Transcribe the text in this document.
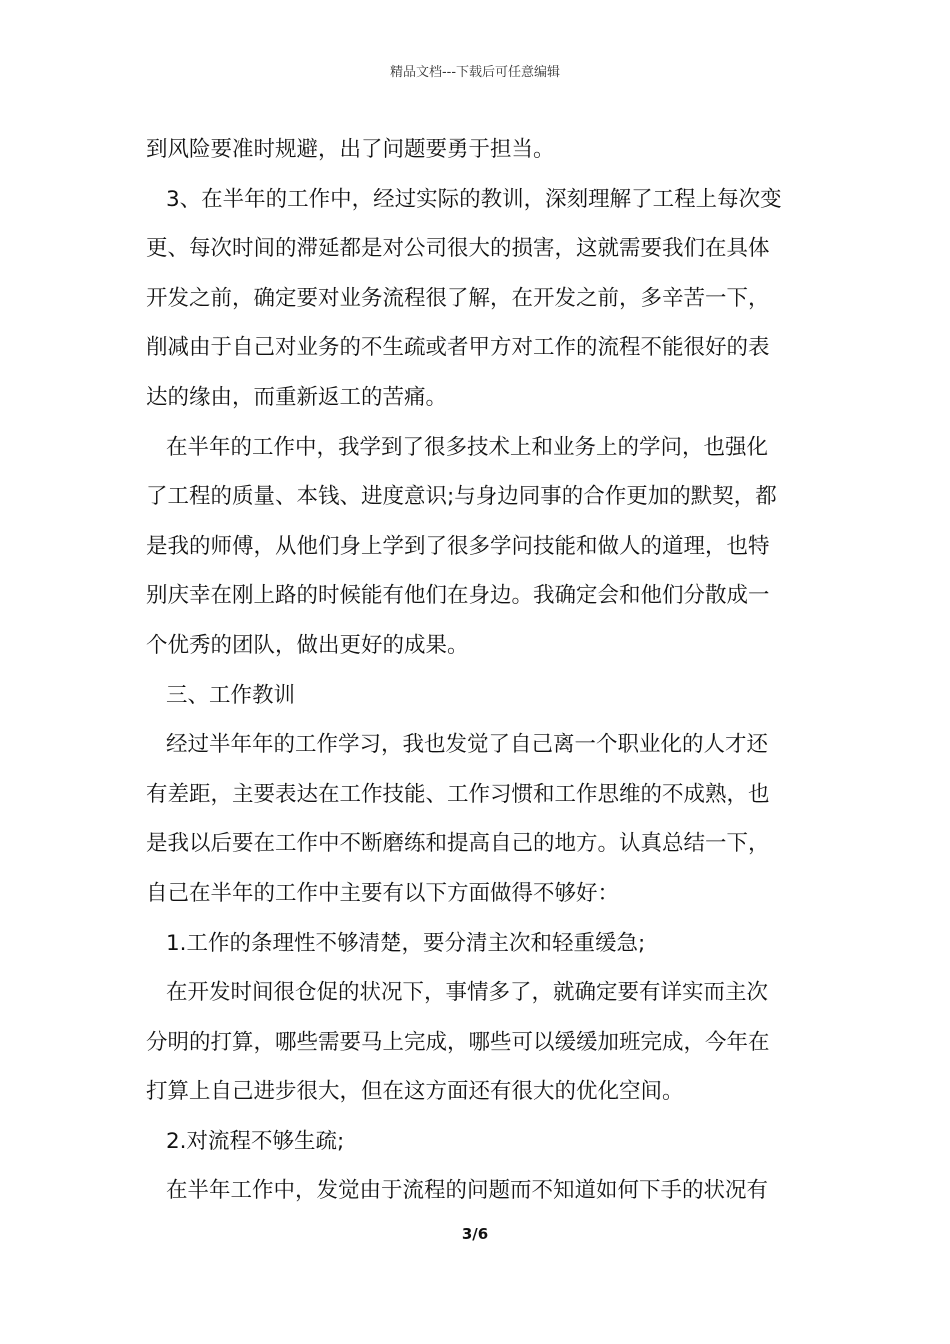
精品文档---下载后可任意编辑
到风险要准时规避，出了问题要勇于担当。
3、在半年的工作中，经过实际的教训，深刻理解了工程上每次变
更、每次时间的滞延都是对公司很大的损害，这就需要我们在具体
开发之前，确定要对业务流程很了解，在开发之前，多辛苦一下，
削减由于自己对业务的不生疏或者甲方对工作的流程不能很好的表
达的缘由，而重新返工的苦痛。
在半年的工作中，我学到了很多技术上和业务上的学问，也强化
了工程的质量、本钱、进度意识;与身边同事的合作更加的默契，都
是我的师傅，从他们身上学到了很多学问技能和做人的道理，也特
别庆幸在刚上路的时候能有他们在身边。我确定会和他们分散成一
个优秀的团队，做出更好的成果。
三、工作教训
经过半年年的工作学习，我也发觉了自己离一个职业化的人才还
有差距，主要表达在工作技能、工作习惯和工作思维的不成熟，也
是我以后要在工作中不断磨练和提高自己的地方。认真总结一下，
自己在半年的工作中主要有以下方面做得不够好：
1.工作的条理性不够清楚，要分清主次和轻重缓急;
在开发时间很仓促的状况下，事情多了，就确定要有详实而主次
分明的打算，哪些需要马上完成，哪些可以缓缓加班完成，今年在
打算上自己进步很大，但在这方面还有很大的优化空间。
2.对流程不够生疏;
在半年工作中，发觉由于流程的问题而不知道如何下手的状况有
3/6
